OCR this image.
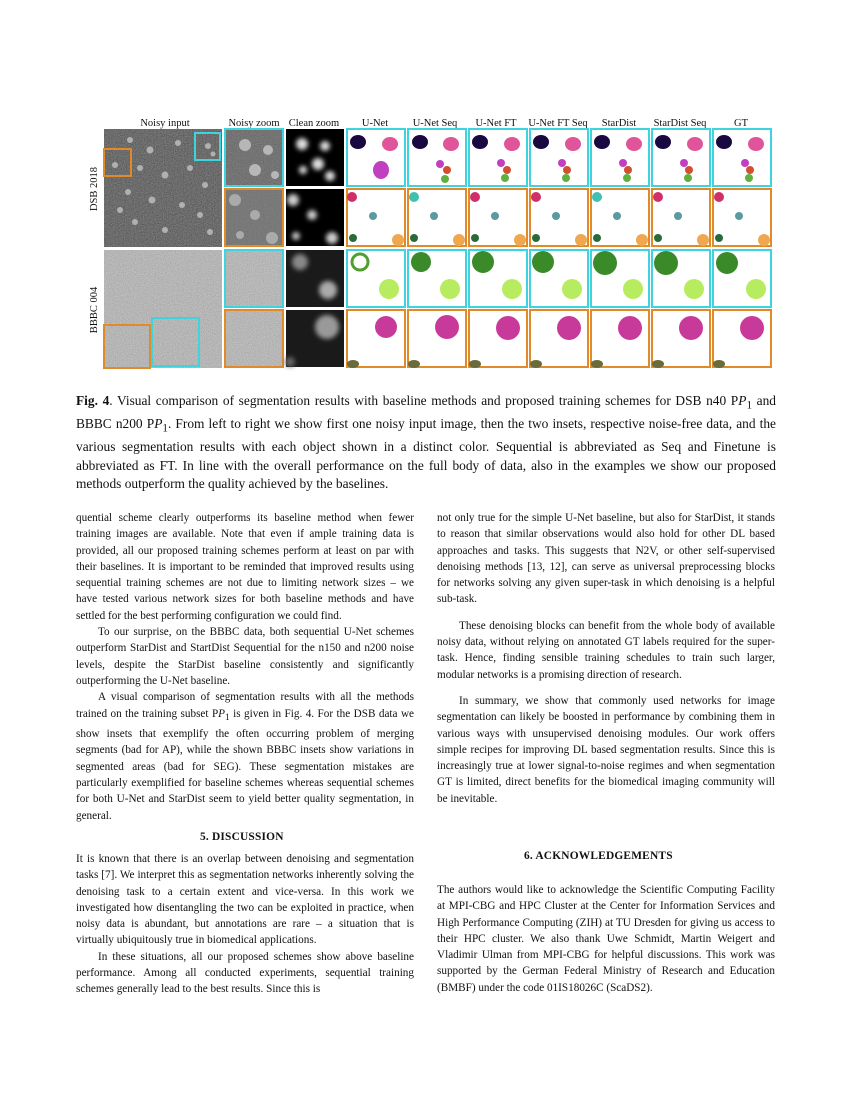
Noisy input	Noisy zoom Clean zoom U-Net U-Net Seq U-Net FT U-Net FT Seq StarDist StarDist Seq	GT
DSB 2018
BBBC 004
Fig. 4. Visual comparison of segmentation results with baseline methods and proposed training schemes for DSB n40 $PP_1$ and BBBC n200 $PP_1$. From left to right we show first one noisy input image, then the two insets, respective noise-free data, and the various segmentation results with each object shown in a distinct color. Sequential is abbreviated as Seq and Finetune is abbreviated as FT. In line with the overall performance on the full body of data, also in the examples we show our proposed methods outperform the quality achieved by the baselines.

quential scheme clearly outperforms its baseline method when fewer training images are available. Note that even if ample training data is provided, all our proposed training schemes perform at least on par with their baselines. It is important to be reminded that improved results using sequential training schemes are not due to limiting network sizes – we have tested various network sizes for both baseline methods and have settled for the best performing configuration we could find.

To our surprise, on the BBBC data, both sequential U-Net schemes outperform StarDist and StartDist Sequential for the n150 and n200 noise levels, despite the StarDist baseline consistently and significantly outperforming the U-Net baseline.

A visual comparison of segmentation results with all the methods trained on the training subset $PP_1$ is given in Fig. 4. For the DSB data we show insets that exemplify the often occurring problem of merging segments (bad for AP), while the shown BBBC insets show variations in segmented areas (bad for SEG). These segmentation mistakes are particularly exemplified for baseline schemes whereas sequential schemes for both U-Net and StarDist seem to yield better quality segmentation, in general.

5. DISCUSSION

It is known that there is an overlap between denoising and segmentation tasks [7]. We interpret this as segmentation networks inherently solving the denoising task to a certain extent and vice-versa. In this work we investigated how disentangling the two can be exploited in practice, when noisy data is abundant, but annotations are rare – a situation that is virtually ubiquitously true in biomedical applications.

In these situations, all our proposed schemes show above baseline performance. Among all conducted experiments, sequential training schemes generally lead to the best results. Since this is

not only true for the simple U-Net baseline, but also for StarDist, it stands to reason that similar observations would also hold for other DL based approaches and tasks. This suggests that N2V, or other self-supervised denoising methods [13, 12], can serve as universal preprocessing blocks for networks solving any given super-task in which denoising is a helpful sub-task.

These denoising blocks can benefit from the whole body of available noisy data, without relying on annotated GT labels required for the super-task. Hence, finding sensible training schedules to train such larger, modular networks is a promising direction of research.

In summary, we show that commonly used networks for image segmentation can likely be boosted in performance by combining them in various ways with unsupervised denoising modules. Our work offers simple recipes for improving DL based segmentation results. Since this is increasingly true at lower signal-to-noise regimes and when segmentation GT is limited, direct benefits for the biomedical imaging community will be inevitable.

6. ACKNOWLEDGEMENTS

The authors would like to acknowledge the Scientific Computing Facility at MPI-CBG and HPC Cluster at the Center for Information Services and High Performance Computing (ZIH) at TU Dresden for giving us access to their HPC cluster. We also thank Uwe Schmidt, Martin Weigert and Vladimir Ulman from MPI-CBG for helpful discussions. This work was supported by the German Federal Ministry of Research and Education (BMBF) under the code 01IS18026C (ScaDS2).
